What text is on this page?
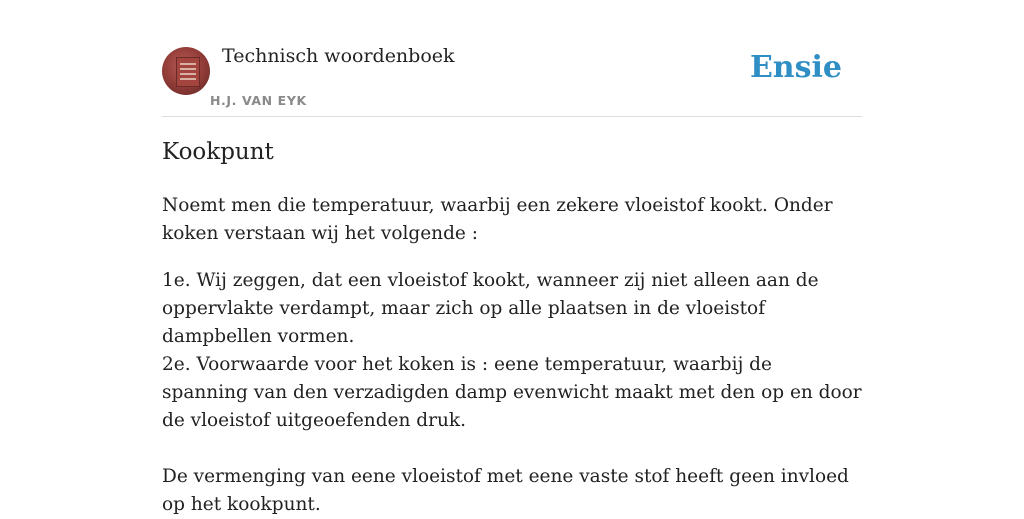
Technisch woordenboek
H.J. VAN EYK
Ensie
Kookpunt

Noemt men die temperatuur, waarbij een zekere vloeistof kookt. Onder koken verstaan wij het volgende :

1e. Wij zeggen, dat een vloeistof kookt, wanneer zij niet alleen aan de oppervlakte verdampt, maar zich op alle plaatsen in de vloeistof dampbellen vormen.
2e. Voorwaarde voor het koken is : eene temperatuur, waarbij de spanning van den verzadigden damp evenwicht maakt met den op en door de vloeistof uitgeoefenden druk.

De vermenging van eene vloeistof met eene vaste stof heeft geen invloed op het kookpunt.
